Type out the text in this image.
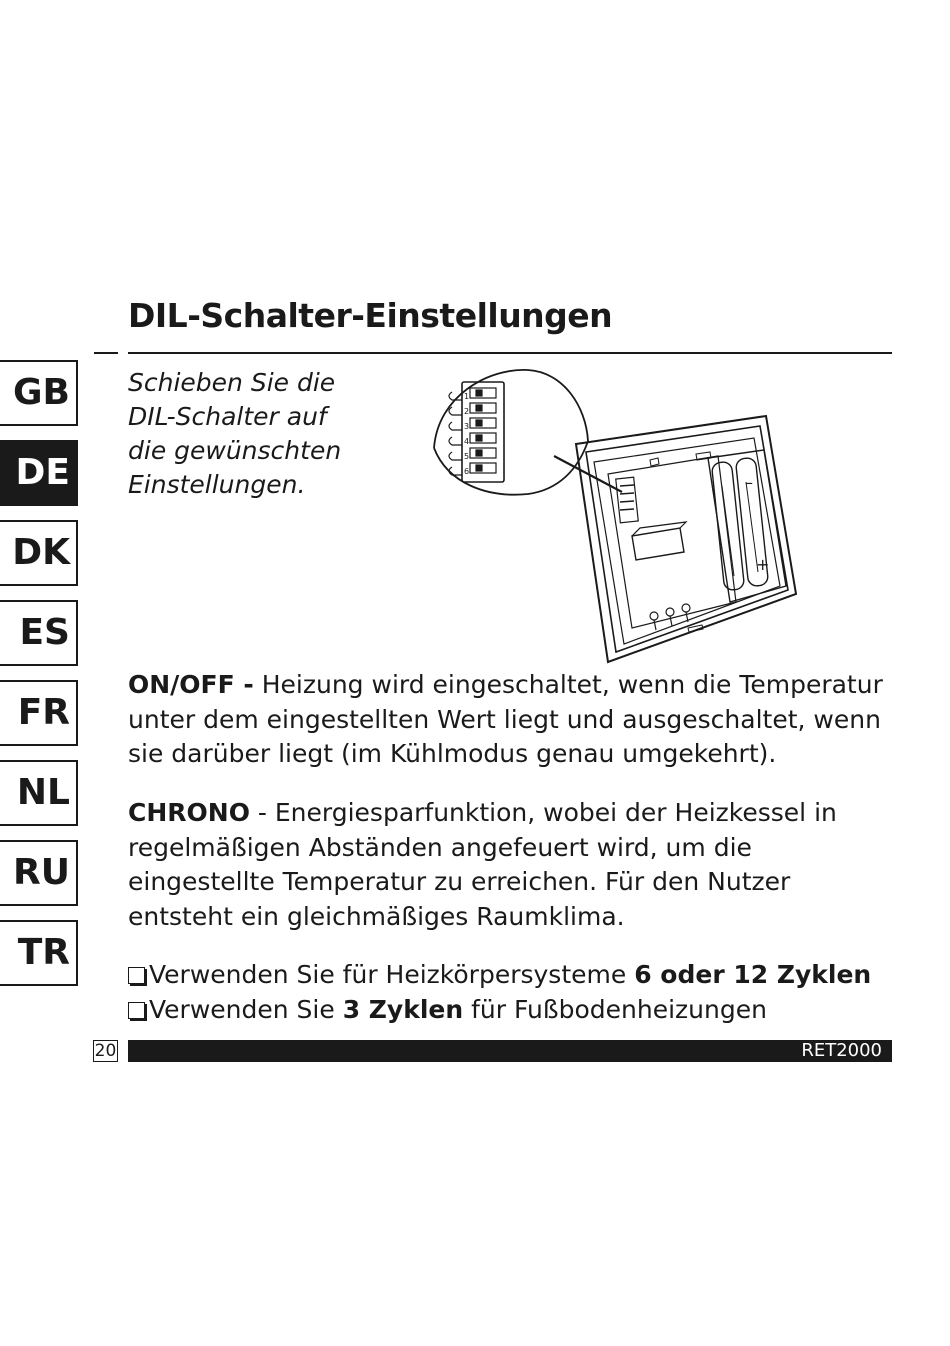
DIL-Schalter-Einstellungen
GB
DE
DK
ES
FR
NL
RU
TR

Schieben Sie die
DIL-Schalter auf
die gewünschten
Einstellungen.

1
2
3
4
5
6
–
+

ON/OFF - Heizung wird eingeschaltet, wenn die Temperatur unter dem eingestellten Wert liegt und ausgeschaltet, wenn sie darüber liegt (im Kühlmodus genau umgekehrt).

CHRONO - Energiesparfunktion, wobei der Heizkessel in regelmäßigen Abständen angefeuert wird, um die eingestellte Temperatur zu erreichen. Für den Nutzer entsteht ein gleichmäßiges Raumklima.

Verwenden Sie für Heizkörpersysteme 6 oder 12 Zyklen
Verwenden Sie 3 Zyklen für Fußbodenheizungen
20	RET2000
